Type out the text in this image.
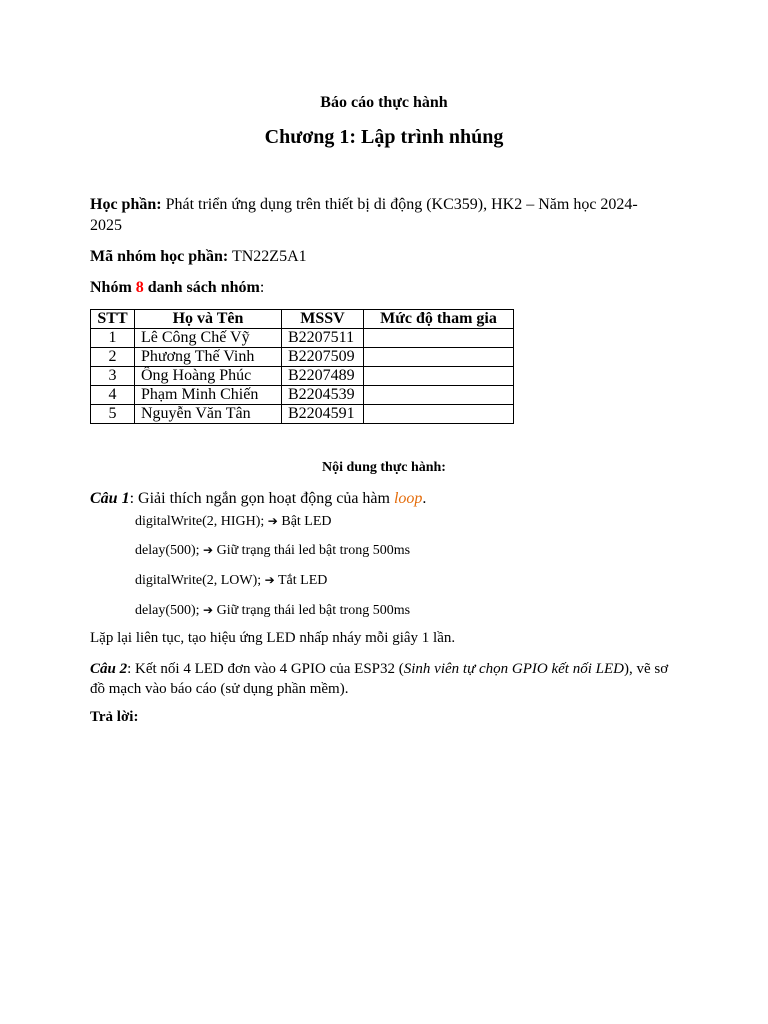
Báo cáo thực hành
Chương 1: Lập trình nhúng
Học phần: Phát triển ứng dụng trên thiết bị di động (KC359), HK2 – Năm học 2024-
2025
Mã nhóm học phần: TN22Z5A1
Nhóm 8 danh sách nhóm:
STT	Họ và Tên	MSSV	Mức độ tham gia
1	Lê Công Chế Vỹ	B2207511	
2	Phương Thế Vinh	B2207509	
3	Ông Hoàng Phúc	B2207489	
4	Phạm Minh Chiến	B2204539	
5	Nguyễn Văn Tân	B2204591	
Nội dung thực hành:
Câu 1: Giải thích ngắn gọn hoạt động của hàm loop.
digitalWrite(2, HIGH); ➔ Bật LED
delay(500); ➔ Giữ trạng thái led bật trong 500ms
digitalWrite(2, LOW); ➔ Tắt LED
delay(500); ➔ Giữ trạng thái led bật trong 500ms
Lặp lại liên tục, tạo hiệu ứng LED nhấp nháy mỗi giây 1 lần.
Câu 2: Kết nối 4 LED đơn vào 4 GPIO của ESP32 (Sinh viên tự chọn GPIO kết nối LED), vẽ sơ
đồ mạch vào báo cáo (sử dụng phần mềm).
Trả lời:
